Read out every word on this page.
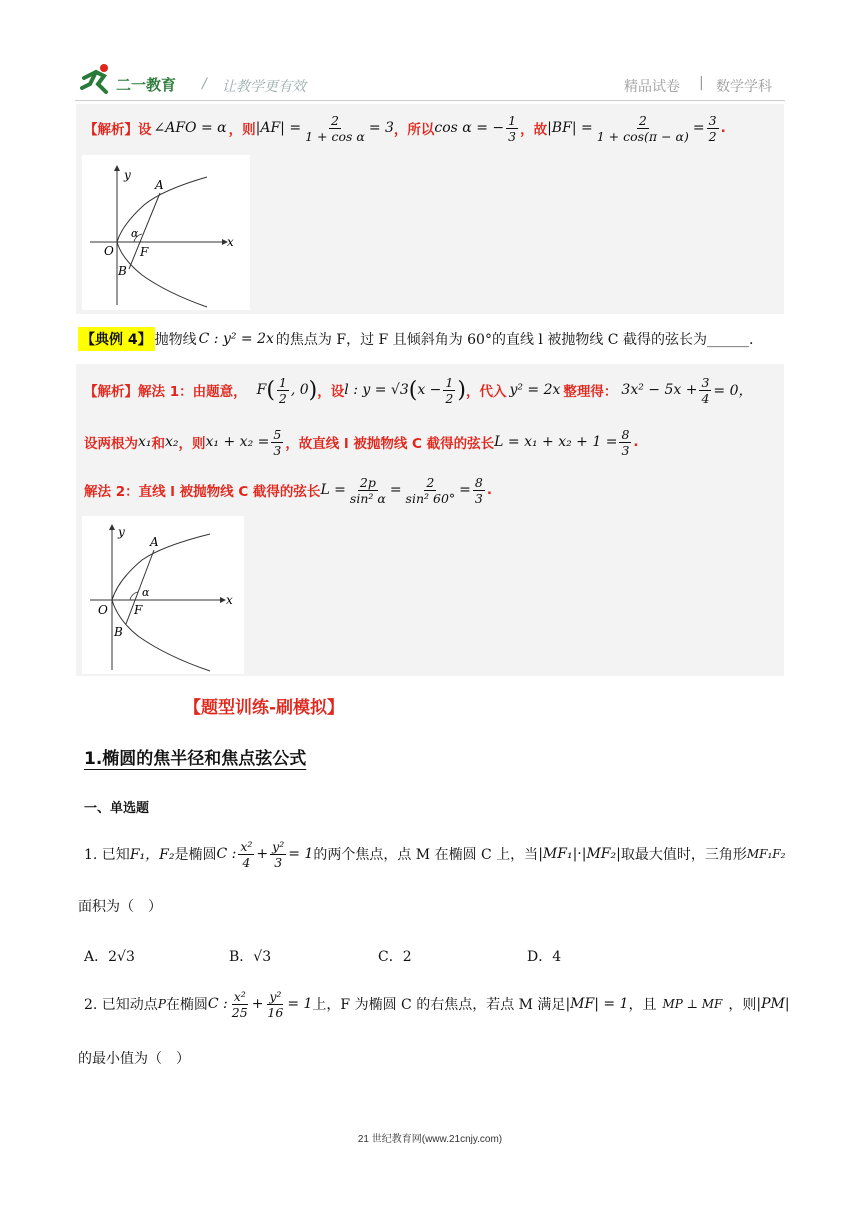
二一教育 / 让教学更有效	精品试卷 | 数学学科
【解析】设 ∠AFO = α ，则 $|AF| = \frac{2}{\text{1 + cos α}} = 3$ ，所以 cos α = − $\frac{1}{3}$ ，故 $|BF| = \frac{2}{1 + \cos(\pi - \alpha)} = \frac{3}{2}$ .
y
x
A
O F
B
α
【典例 4】 抛物线 C : y² = 2x 的焦点为 F，过 F 且倾斜角为 60°的直线 l 被抛物线 C 截得的弦长为______.
【解析】解法 1：由题意， F ( $\frac{1}{2}$ , 0 ) ，设 l : y = √3 ( $x - \frac{1}{2}$ ) ，代入 y² = 2x 整理得： $3x^2 - 5x + \frac{3}{4} = 0$，
设两根为 x₁ 和 x₂ ，则 $x_1 + x_2 = \frac{5}{3}$ ，故直线 l 被抛物线 C 截得的弦长 $L = x_1 + x_2 + 1 = \frac{8}{3}$ .
解法 2：直线 l 被抛物线 C 截得的弦长 $L = \frac{2p}{\text{sin² α}} = \frac{2}{\text{sin² 60°}} = \frac{8}{3}$ .
y
x
A
O F
B
α
【题型训练-刷模拟】
1.椭圆的焦半径和焦点弦公式
一、单选题
1. 已知 F₁，F₂ 是椭圆 C : $\frac{\text{x²}}{4} + \frac{\text{y²}}{3} = 1$ 的两个焦点，点 M 在椭圆 C 上，当 |MF₁|·|MF₂| 取最大值时，三角形 MF₁F₂
面积为（　）
A．2√3	B．√3	C．2	D．4
2. 已知动点 P 在椭圆 C : $\frac{\text{x²}}{25} + \frac{\text{y²}}{16} = 1$ 上，F 为椭圆 C 的右焦点，若点 M 满足 |MF| = 1 ，且 MP ⊥ MF ，则 |PM|
的最小值为（　）
21 世纪教育网(www.21cnjy.com)
